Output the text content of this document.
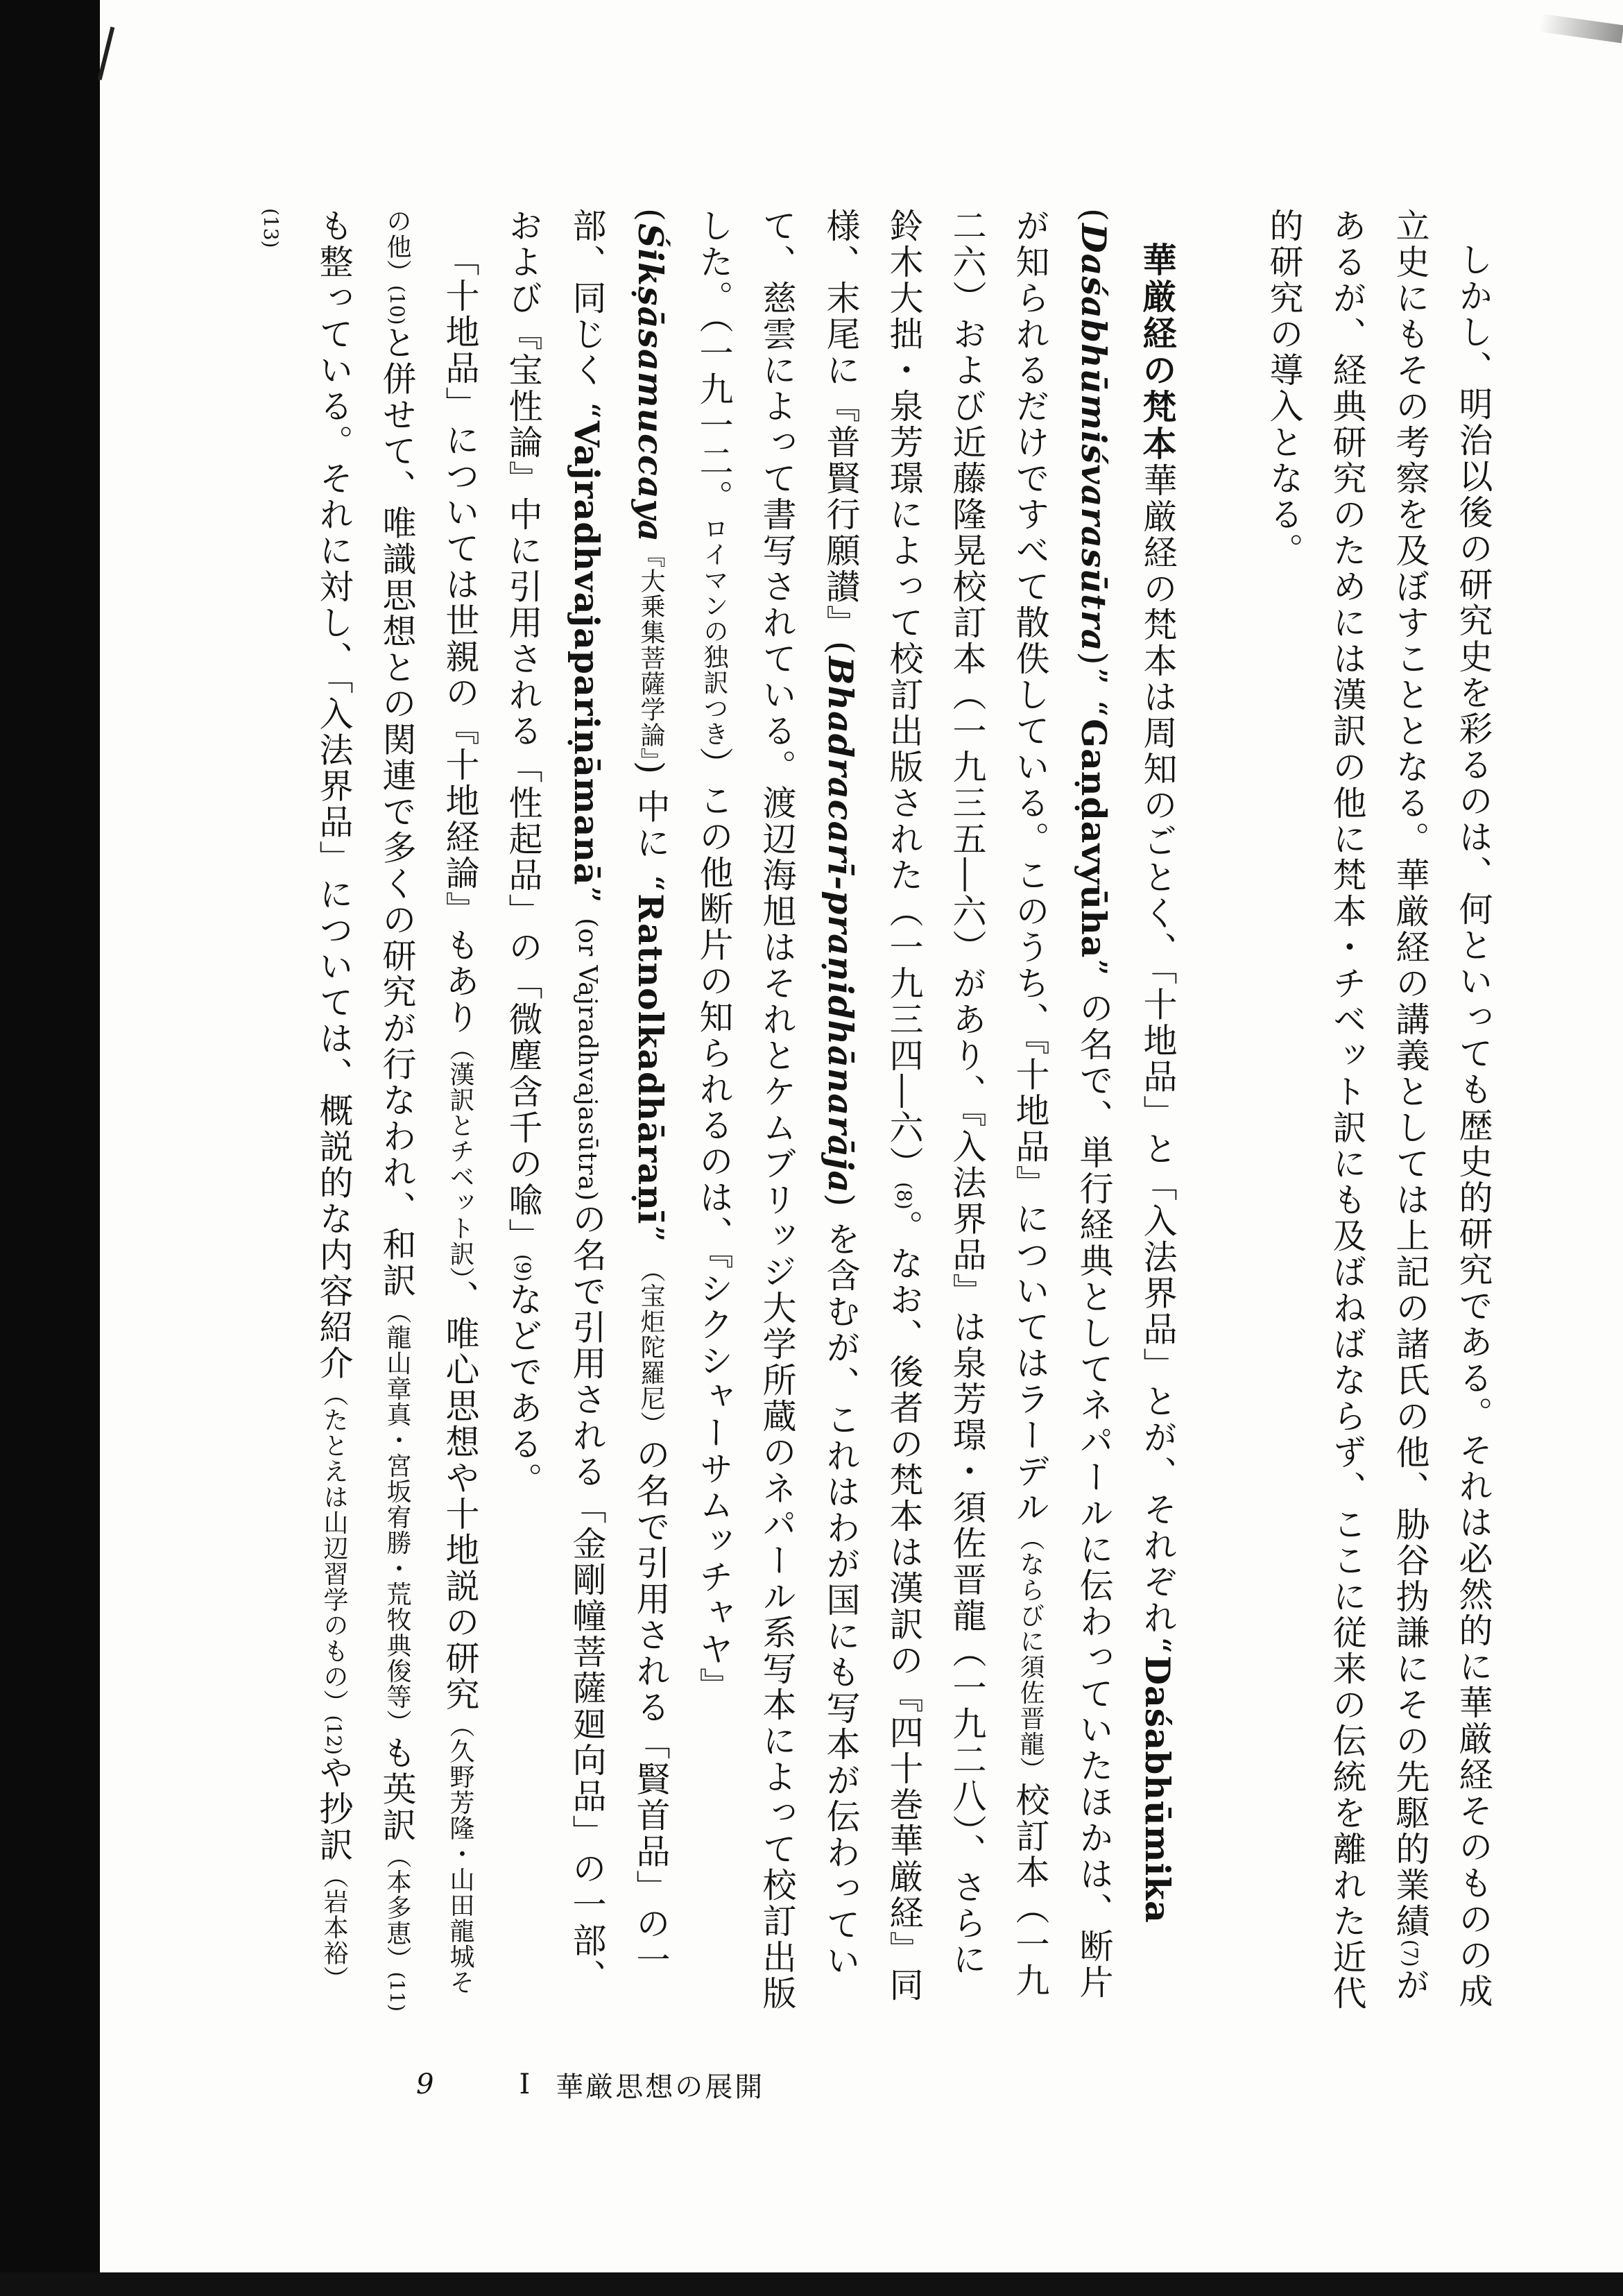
しかし、明治以後の研究史を彩るのは、何といっても歴史的研究である。それは必然的に華厳経そのものの成立史にもその考察を及ぼすこととなる。華厳経の講義としては上記の諸氏の他、胁谷㧑謙にその先駆的業績(7)があるが、経典研究のためには漢訳の他に梵本・チベット訳にも及ばねばならず、ここに従来の伝統を離れた近代的研究の導入となる。

華厳経の梵本華厳経の梵本は周知のごとく、「十地品」と「入法界品」とが、それぞれ“Daśabhūmika (Daśabhūmiśvarasūtra)” “Gaṇḍavyūha” の名で、単行経典としてネパールに伝わっていたほかは、断片が知られるだけですべて散佚している。このうち、『十地品』についてはラーデル（ならびに須佐晋龍）校訂本（一九二六）および近藤隆晃校訂本（一九三五―六）があり、『入法界品』は泉芳璟・須佐晋龍（一九二八）、さらに鈴木大拙・泉芳璟によって校訂出版された（一九三四―六）(8)。なお、後者の梵本は漢訳の『四十巻華厳経』同様、末尾に『普賢行願讃』(Bhadracarī-praṇidhānarāja) を含むが、これはわが国にも写本が伝わっていて、慈雲によって書写されている。渡辺海旭はそれとケムブリッジ大学所蔵のネパール系写本によって校訂出版した。（一九一二。ロイマンの独訳つき）この他断片の知られるのは、『シクシャーサムッチャヤ』(Śikṣāsamuccaya『大乗集菩薩学論』) 中に “Ratnolkadhāraṇī” （宝炬陀羅尼）の名で引用される「賢首品」の一部、同じく “Vajradhvajapariṇāmanā” (or Vajradhvajasūtra)の名で引用される「金剛幢菩薩廻向品」の一部、および『宝性論』中に引用される「性起品」の「微塵含千の喩」(9)などである。

「十地品」については世親の『十地経論』もあり（漢訳とチベット訳）、唯心思想や十地説の研究（久野芳隆・山田龍城その他）(10)と併せて、唯識思想との関連で多くの研究が行なわれ、和訳（龍山章真・宮坂宥勝・荒牧典俊等）も英訳（本多恵）(11)も整っている。それに対し、「入法界品」については、概説的な内容紹介（たとえは山辺習学のもの）(12)や抄訳（岩本裕）(13)

9	I 華厳思想の展開
